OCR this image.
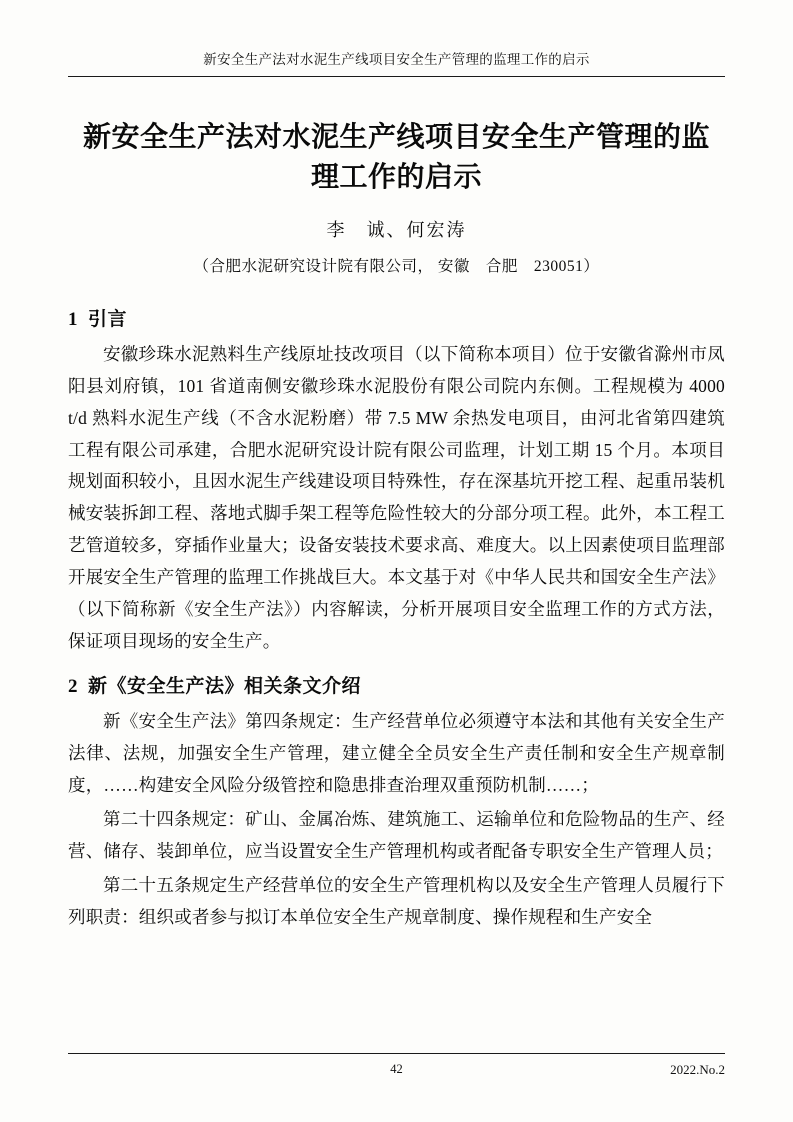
新安全生产法对水泥生产线项目安全生产管理的监理工作的启示
新安全生产法对水泥生产线项目安全生产管理的监理工作的启示
李　诚、何宏涛
（合肥水泥研究设计院有限公司， 安徽　合肥　230051）
1 引言

安徽珍珠水泥熟料生产线原址技改项目（以下简称本项目）位于安徽省滁州市凤阳县刘府镇，101 省道南侧安徽珍珠水泥股份有限公司院内东侧。工程规模为 4000 t/d 熟料水泥生产线（不含水泥粉磨）带 7.5 MW 余热发电项目，由河北省第四建筑工程有限公司承建，合肥水泥研究设计院有限公司监理，计划工期 15 个月。本项目规划面积较小，且因水泥生产线建设项目特殊性，存在深基坑开挖工程、起重吊装机械安装拆卸工程、落地式脚手架工程等危险性较大的分部分项工程。此外，本工程工艺管道较多，穿插作业量大；设备安装技术要求高、难度大。以上因素使项目监理部开展安全生产管理的监理工作挑战巨大。本文基于对《中华人民共和国安全生产法》（以下简称新《安全生产法》）内容解读，分析开展项目安全监理工作的方式方法，保证项目现场的安全生产。

2 新《安全生产法》相关条文介绍

新《安全生产法》第四条规定：生产经营单位必须遵守本法和其他有关安全生产法律、法规，加强安全生产管理，建立健全全员安全生产责任制和安全生产规章制度，……构建安全风险分级管控和隐患排查治理双重预防机制……；

第二十四条规定：矿山、金属冶炼、建筑施工、运输单位和危险物品的生产、经营、储存、装卸单位，应当设置安全生产管理机构或者配备专职安全生产管理人员；

第二十五条规定生产经营单位的安全生产管理机构以及安全生产管理人员履行下列职责：组织或者参与拟订本单位安全生产规章制度、操作规程和生产安全

42	2022.No.2
